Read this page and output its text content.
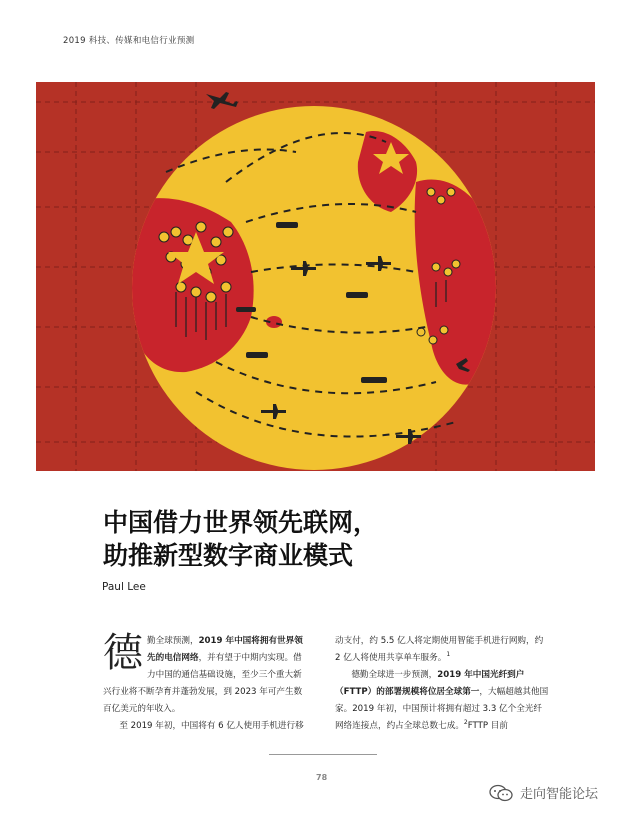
2019 科技、传媒和电信行业预测
中国借力世界领先联网，
助推新型数字商业模式
Paul Lee

德勤全球预测，2019 年中国将拥有世界领先的电信网络，并有望于中期内实现。借力中国的通信基础设施，至少三个重大新兴行业将不断孕育并蓬勃发展，到 2023 年可产生数百亿美元的年收入。

至 2019 年初，中国将有 6 亿人使用手机进行移

动支付，约 5.5 亿人将定期使用智能手机进行网购，约 2 亿人将使用共享单车服务。$^1$

德勤全球进一步预测，2019 年中国光纤到户（FTTP）的部署规模将位居全球第一，大幅超越其他国家。2019 年初，中国预计将拥有超过 3.3 亿个全光纤网络连接点，约占全球总数七成。$^2$FTTP 目前

78
走向智能论坛
